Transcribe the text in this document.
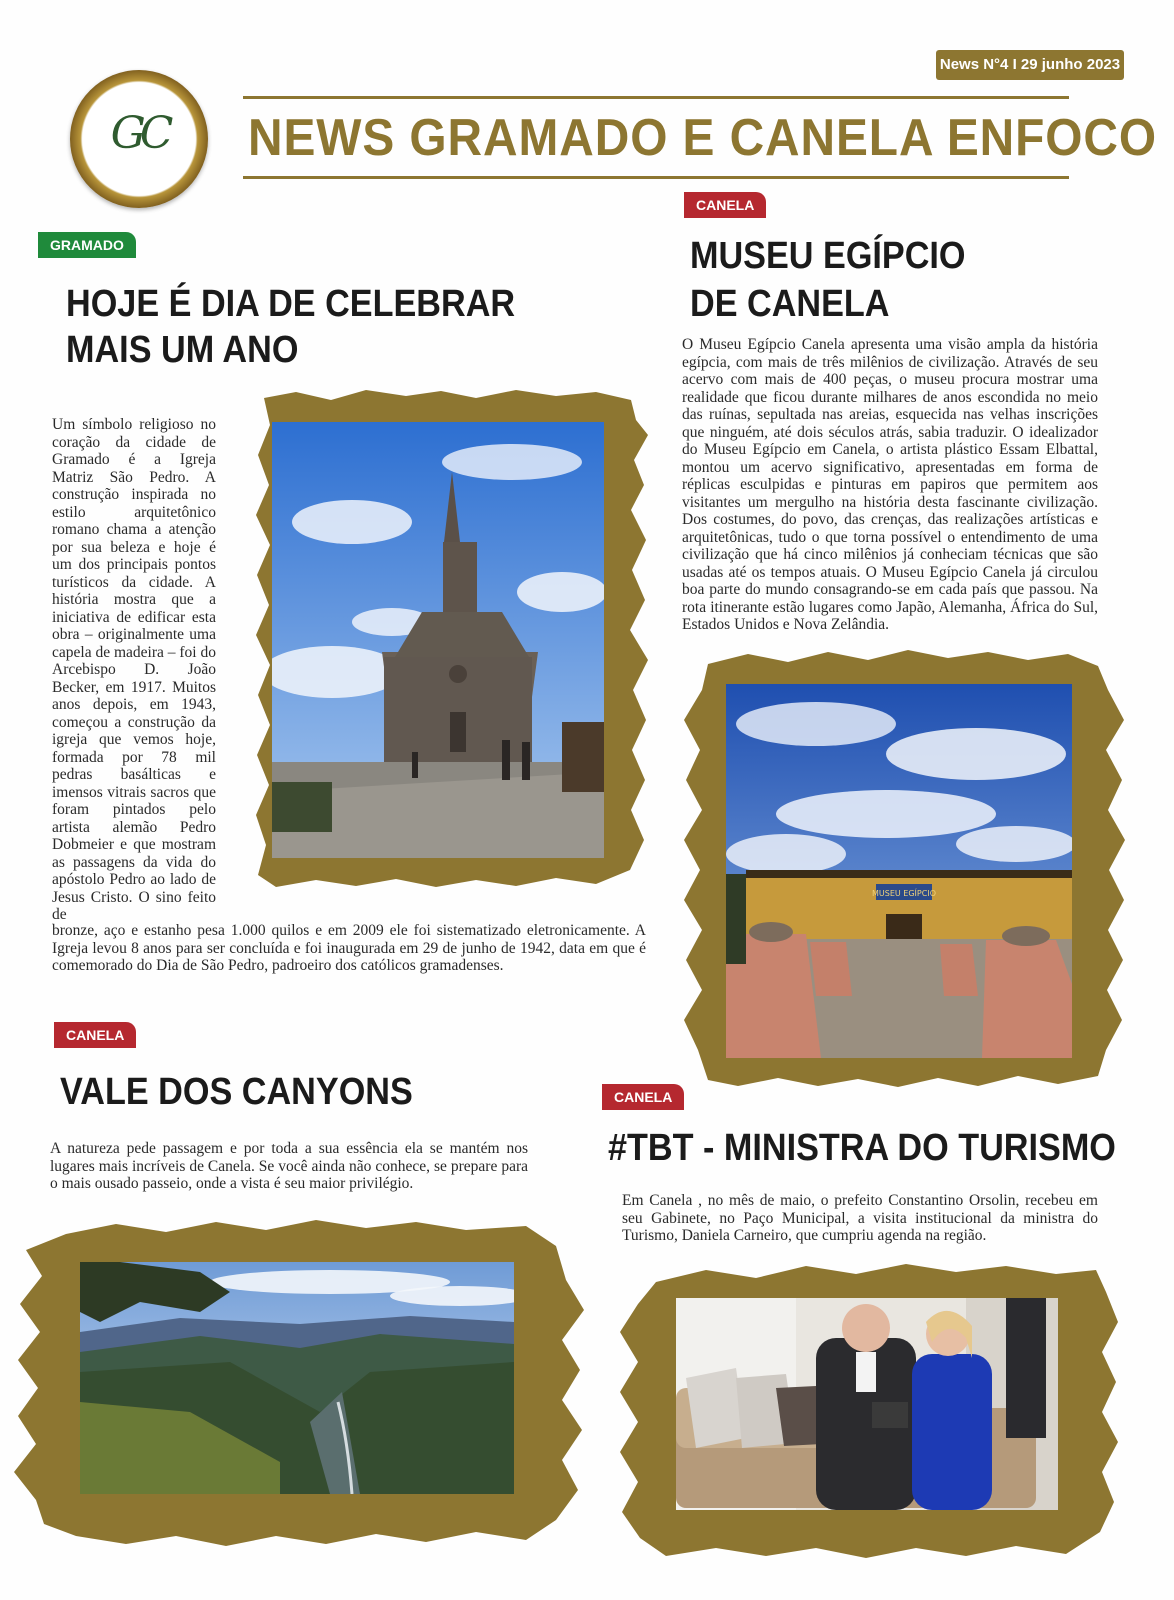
GC
News N°4 I 29 junho 2023
NEWS GRAMADO E CANELA ENFOCO
GRAMADO
HOJE É DIA DE CELEBRAR
MAIS UM ANO
Um símbolo religioso no coração da cidade de Gramado é a Igreja Matriz São Pedro. A construção inspirada no estilo arquitetônico romano chama a atenção por sua beleza e hoje é um dos principais pontos turísticos da cidade. A história mostra que a iniciativa de edificar esta obra – originalmente uma capela de madeira – foi do Arcebispo D. João Becker, em 1917. Muitos anos depois, em 1943, começou a construção da igreja que vemos hoje, formada por 78 mil pedras basálticas e imensos vitrais sacros que foram pintados pelo artista alemão Pedro Dobmeier e que mostram as passagens da vida do apóstolo Pedro ao lado de Jesus Cristo. O sino feito de
bronze, aço e estanho pesa 1.000 quilos e em 2009 ele foi sistematizado eletronicamente. A Igreja levou 8 anos para ser concluída e foi inaugurada em 29 de junho de 1942, data em que é comemorado do Dia de São Pedro, padroeiro dos católicos gramadenses.
CANELA
MUSEU EGÍPCIO
DE CANELA
O Museu Egípcio Canela apresenta uma visão ampla da história egípcia, com mais de três milênios de civilização. Através de seu acervo com mais de 400 peças, o museu procura mostrar uma realidade que ficou durante milhares de anos escondida no meio das ruínas, sepultada nas areias, esquecida nas velhas inscrições que ninguém, até dois séculos atrás, sabia traduzir. O idealizador do Museu Egípcio em Canela, o artista plástico Essam Elbattal, montou um acervo significativo, apresentadas em forma de réplicas esculpidas e pinturas em papiros que permitem aos visitantes um mergulho na história desta fascinante civilização. Dos costumes, do povo, das crenças, das realizações artísticas e arquitetônicas, tudo o que torna possível o entendimento de uma civilização que há cinco milênios já conheciam técnicas que são usadas até os tempos atuais. O Museu Egípcio Canela já circulou boa parte do mundo consagrando-se em cada país que passou. Na rota itinerante estão lugares como Japão, Alemanha, África do Sul, Estados Unidos e Nova Zelândia.
MUSEU EGÍPCIO
CANELA
VALE DOS CANYONS
A natureza pede passagem e por toda a sua essência ela se mantém nos lugares mais incríveis de Canela. Se você ainda não conhece, se prepare para o mais ousado passeio, onde a vista é seu maior privilégio.
CANELA
#TBT - MINISTRA DO TURISMO
Em Canela , no mês de maio, o prefeito Constantino Orsolin, recebeu em seu Gabinete, no Paço Municipal, a visita institucional da ministra do Turismo, Daniela Carneiro, que cumpriu agenda na região.
